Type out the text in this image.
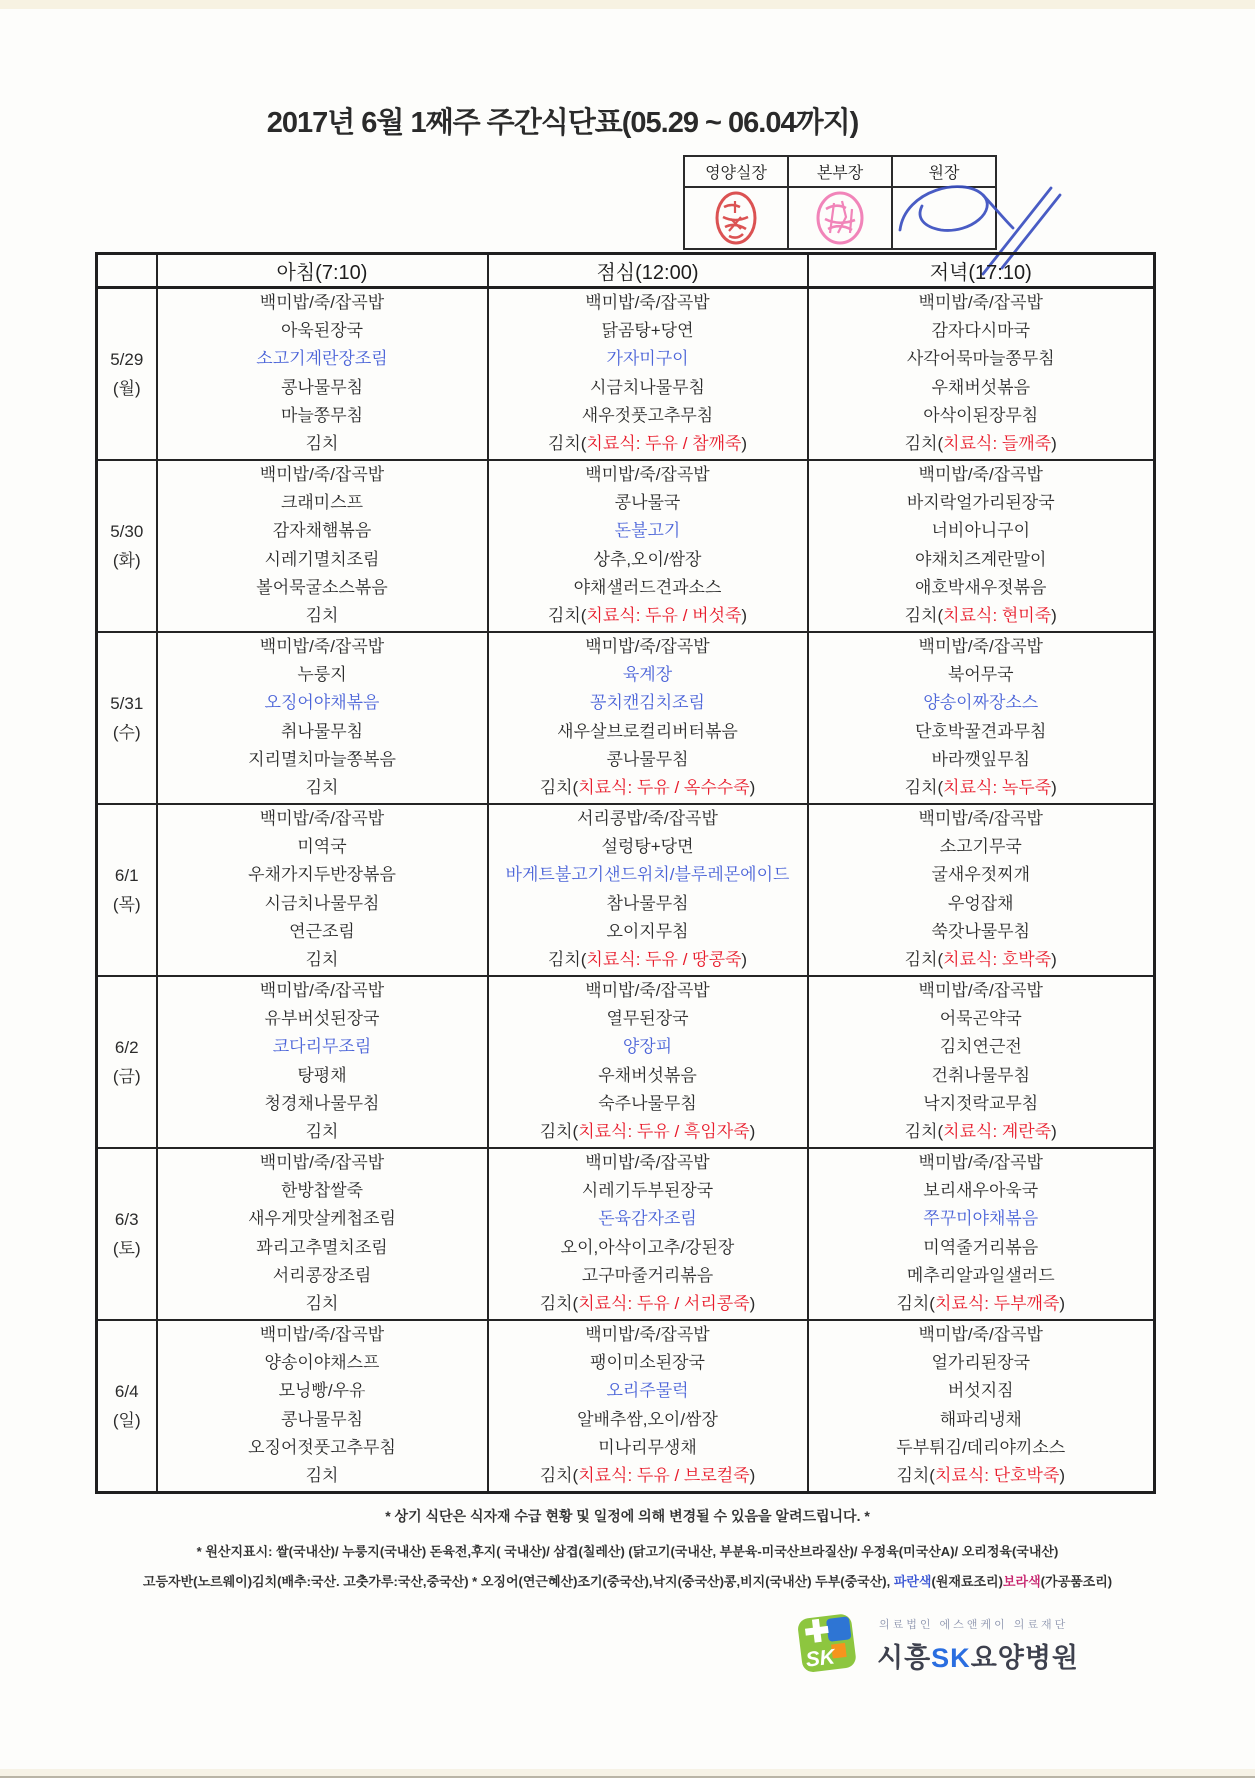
2017년 6월 1째주 주간식단표(05.29 ~ 06.04까지)
영양실장	본부장	원장

	아침(7:10)	점심(12:00)	저녁(17:10)

5/29
(월)

백미밥/죽/잡곡밥
아욱된장국
소고기계란장조림
콩나물무침
마늘쫑무침
김치

백미밥/죽/잡곡밥
닭곰탕+당연
가자미구이
시금치나물무침
새우젓풋고추무침
김치(치료식: 두유 / 참깨죽)

백미밥/죽/잡곡밥
감자다시마국
사각어묵마늘쫑무침
우채버섯볶음
아삭이된장무침
김치(치료식: 들깨죽)

5/30
(화)

백미밥/죽/잡곡밥
크래미스프
감자채햄볶음
시레기멸치조림
볼어묵굴소스볶음
김치

백미밥/죽/잡곡밥
콩나물국
돈불고기
상추,오이/쌈장
야채샐러드견과소스
김치(치료식: 두유 / 버섯죽)

백미밥/죽/잡곡밥
바지락얼가리된장국
너비아니구이
야채치즈계란말이
애호박새우젓볶음
김치(치료식: 현미죽)

5/31
(수)

백미밥/죽/잡곡밥
누룽지
오징어야채볶음
취나물무침
지리멸치마늘쫑복음
김치

백미밥/죽/잡곡밥
육계장
꽁치캔김치조림
새우살브로컬리버터볶음
콩나물무침
김치(치료식: 두유 / 옥수수죽)

백미밥/죽/잡곡밥
북어무국
양송이짜장소스
단호박꿀견과무침
바라깻잎무침
김치(치료식: 녹두죽)

6/1
(목)

백미밥/죽/잡곡밥
미역국
우채가지두반장볶음
시금치나물무침
연근조림
김치

서리콩밥/죽/잡곡밥
설렁탕+당면
바게트불고기샌드위치/블루레몬에이드
참나물무침
오이지무침
김치(치료식: 두유 / 땅콩죽)

백미밥/죽/잡곡밥
소고기무국
굴새우젓찌개
우엉잡채
쑥갓나물무침
김치(치료식: 호박죽)

6/2
(금)

백미밥/죽/잡곡밥
유부버섯된장국
코다리무조림
탕평채
청경채나물무침
김치

백미밥/죽/잡곡밥
열무된장국
양장피
우채버섯볶음
숙주나물무침
김치(치료식: 두유 / 흑임자죽)

백미밥/죽/잡곡밥
어묵곤약국
김치연근전
건취나물무침
낙지젓락교무침
김치(치료식: 계란죽)

6/3
(토)

백미밥/죽/잡곡밥
한방찹쌀죽
새우게맛살케첩조림
꽈리고추멸치조림
서리콩장조림
김치

백미밥/죽/잡곡밥
시레기두부된장국
돈육감자조림
오이,아삭이고추/강된장
고구마줄거리볶음
김치(치료식: 두유 / 서리콩죽)

백미밥/죽/잡곡밥
보리새우아욱국
쭈꾸미야채볶음
미역줄거리볶음
메추리알과일샐러드
김치(치료식: 두부깨죽)

6/4
(일)

백미밥/죽/잡곡밥
양송이야채스프
모닝빵/우유
콩나물무침
오징어젓풋고추무침
김치

백미밥/죽/잡곡밥
팽이미소된장국
오리주물럭
알배추쌈,오이/쌈장
미나리무생채
김치(치료식: 두유 / 브로컬죽)

백미밥/죽/잡곡밥
얼가리된장국
버섯지짐
해파리냉채
두부튀김/데리야끼소스
김치(치료식: 단호박죽)
* 상기 식단은 식자재 수급 현황 및 일정에 의해 변경될 수 있음을 알려드립니다. *
* 원산지표시: 쌀(국내산)/ 누룽지(국내산) 돈육전,후지( 국내산)/ 삼겹(칠레산) (닭고기(국내산, 부분육-미국산브라질산)/ 우정육(미국산A)/ 오리정육(국내산)
고등자반(노르웨이)김치(배추:국산. 고춧가루:국산,중국산) * 오징어(연근혜산)조기(중국산),낙지(중국산)콩,비지(국내산) 두부(중국산), 파란색(원재료조리)보라색(가공품조리)
SK
의료법인 에스앤케이 의료재단
시흥SK요양병원
